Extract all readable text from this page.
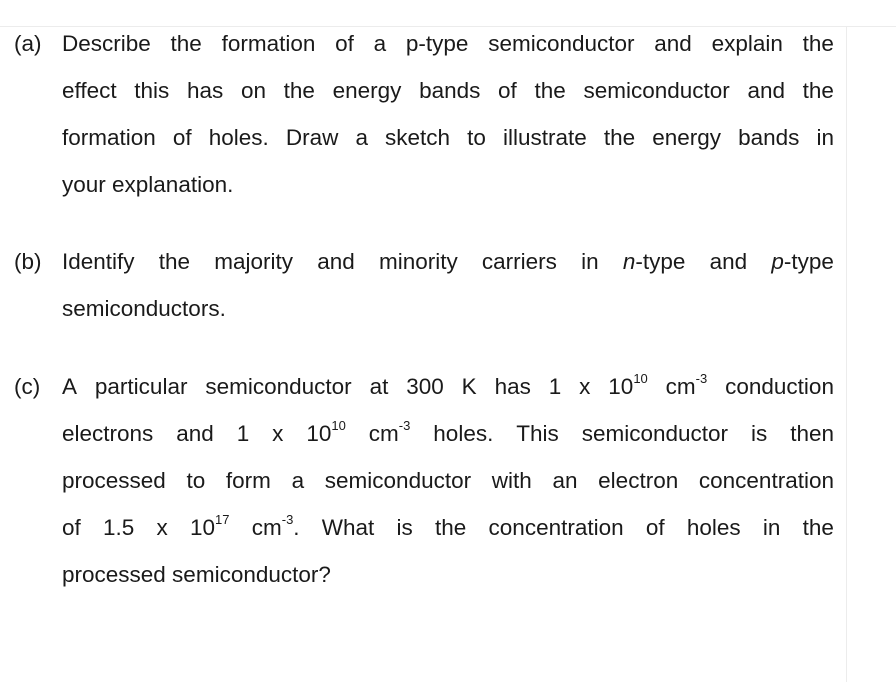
(a) Describe the formation of a p-type semiconductor and explain the
effect this has on the energy bands of the semiconductor and the
formation of holes. Draw a sketch to illustrate the energy bands in
your explanation.
(b) Identify the majority and minority carriers in n-type and p-type
semiconductors.
(c) A particular semiconductor at 300 K has 1 x $10^{10}$ $cm^{-3}$ conduction
electrons and 1 x $10^{10}$ $cm^{-3}$ holes. This semiconductor is then
processed to form a semiconductor with an electron concentration
of 1.5 x $10^{17}$ $cm^{-3}$. What is the concentration of holes in the
processed semiconductor?
